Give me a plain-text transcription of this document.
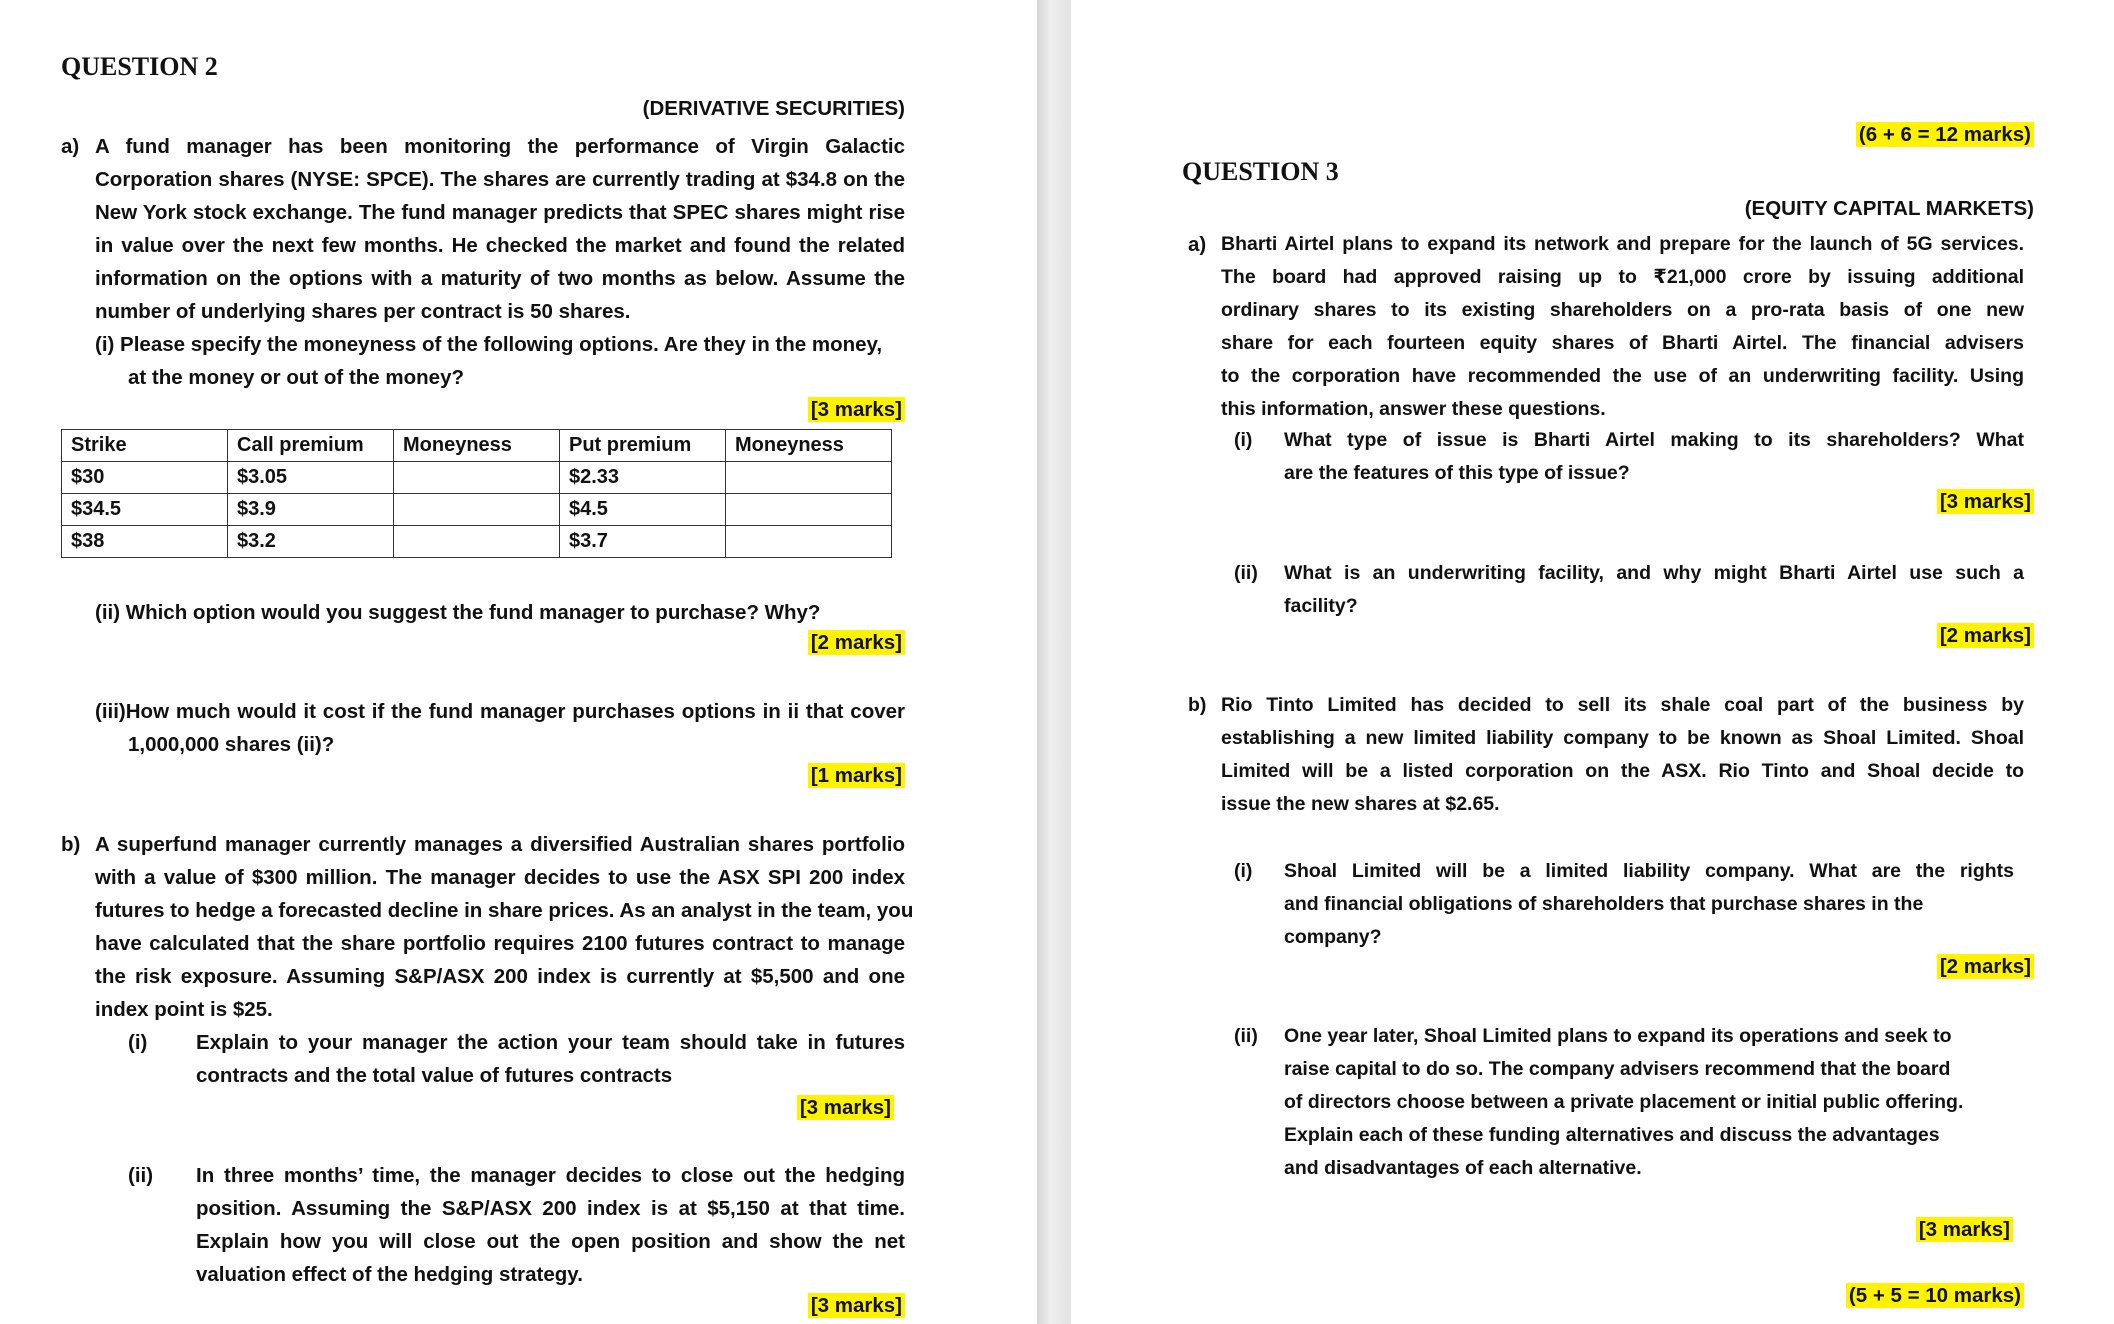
QUESTION 2
(DERIVATIVE SECURITIES)
a) A fund manager has been monitoring the performance of Virgin Galactic
Corporation shares (NYSE: SPCE). The shares are currently trading at $34.8 on the
New York stock exchange. The fund manager predicts that SPEC shares might rise
in value over the next few months. He checked the market and found the related
information on the options with a maturity of two months as below. Assume the
number of underlying shares per contract is 50 shares.
(i) Please specify the moneyness of the following options. Are they in the money,
at the money or out of the money?
[3 marks]
Strike	Call premium	Moneyness	Put premium	Moneyness
$30	$3.05		$2.33	
$34.5	$3.9		$4.5	
$38	$3.2		$3.7	
(ii) Which option would you suggest the fund manager to purchase? Why?
[2 marks]
(iii)How much would it cost if the fund manager purchases options in ii that cover
1,000,000 shares (ii)?
[1 marks]
b) A superfund manager currently manages a diversified Australian shares portfolio
with a value of $300 million. The manager decides to use the ASX SPI 200 index
futures to hedge a forecasted decline in share prices. As an analyst in the team, you
have calculated that the share portfolio requires 2100 futures contract to manage
the risk exposure. Assuming S&P/ASX 200 index is currently at $5,500 and one
index point is $25.
(i) Explain to your manager the action your team should take in futures
contracts and the total value of futures contracts
[3 marks]
(ii) In three months’ time, the manager decides to close out the hedging
position. Assuming the S&P/ASX 200 index is at $5,150 at that time.
Explain how you will close out the open position and show the net
valuation effect of the hedging strategy.
[3 marks]
(6 + 6 = 12 marks)
QUESTION 3
(EQUITY CAPITAL MARKETS)
a) Bharti Airtel plans to expand its network and prepare for the launch of 5G services.
The board had approved raising up to ₹21,000 crore by issuing additional
ordinary shares to its existing shareholders on a pro-rata basis of one new
share for each fourteen equity shares of Bharti Airtel. The financial advisers
to the corporation have recommended the use of an underwriting facility. Using
this information, answer these questions.
(i) What type of issue is Bharti Airtel making to its shareholders? What
are the features of this type of issue?
[3 marks]
(ii) What is an underwriting facility, and why might Bharti Airtel use such a
facility?
[2 marks]
b) Rio Tinto Limited has decided to sell its shale coal part of the business by
establishing a new limited liability company to be known as Shoal Limited. Shoal
Limited will be a listed corporation on the ASX. Rio Tinto and Shoal decide to
issue the new shares at $2.65.
(i) Shoal Limited will be a limited liability company. What are the rights
and financial obligations of shareholders that purchase shares in the
company?
[2 marks]
(ii) One year later, Shoal Limited plans to expand its operations and seek to
raise capital to do so. The company advisers recommend that the board
of directors choose between a private placement or initial public offering.
Explain each of these funding alternatives and discuss the advantages
and disadvantages of each alternative.
[3 marks]
(5 + 5 = 10 marks)
